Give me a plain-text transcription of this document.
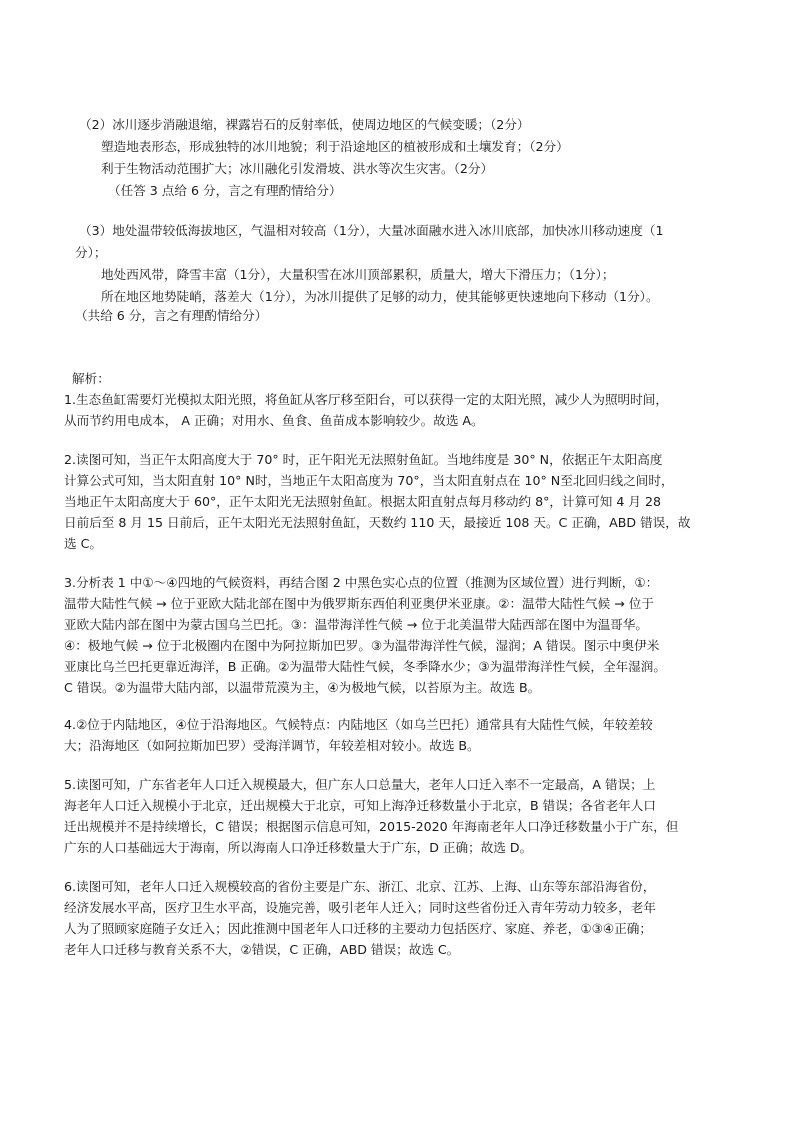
（2）冰川逐步消融退缩，裸露岩石的反射率低，使周边地区的气候变暖；（2分）
塑造地表形态，形成独特的冰川地貌；利于沿途地区的植被形成和土壤发育；（2分）
利于生物活动范围扩大；冰川融化引发滑坡、洪水等次生灾害。（2分）
（任答 3 点给 6 分，言之有理酌情给分）
（3）地处温带较低海拔地区，气温相对较高（1分），大量冰面融水进入冰川底部，加快冰川移动速度（1
分）；
地处西风带，降雪丰富（1分），大量积雪在冰川顶部累积，质量大，增大下滑压力；（1分）；
所在地区地势陡峭，落差大（1分），为冰川提供了足够的动力，使其能够更快速地向下移动（1分）。
（共给 6 分，言之有理酌情给分）
解析：
1.生态鱼缸需要灯光模拟太阳光照，将鱼缸从客厅移至阳台，可以获得一定的太阳光照，减少人为照明时间，
从而节约用电成本， A 正确；对用水、鱼食、鱼苗成本影响较少。故选 A。
2.读图可知，当正午太阳高度大于 70° 时，正午阳光无法照射鱼缸。当地纬度是 30° N，依据正午太阳高度
计算公式可知，当太阳直射 10° N时，当地正午太阳高度为 70°，当太阳直射点在 10° N至北回归线之间时，
当地正午太阳高度大于 60°，正午太阳光无法照射鱼缸。根据太阳直射点每月移动约 8°，计算可知 4 月 28
日前后至 8 月 15 日前后，正午太阳光无法照射鱼缸，天数约 110 天，最接近 108 天。C 正确，ABD 错误，故
选 C。
3.分析表 1 中①～④四地的气候资料，再结合图 2 中黑色实心点的位置（推测为区域位置）进行判断，①：
温带大陆性气候 → 位于亚欧大陆北部在图中为俄罗斯东西伯利亚奥伊米亚康。②：温带大陆性气候 → 位于
亚欧大陆内部在图中为蒙古国乌兰巴托。③：温带海洋性气候 → 位于北美温带大陆西部在图中为温哥华。
④：极地气候 → 位于北极圈内在图中为阿拉斯加巴罗。③为温带海洋性气候，湿润；A 错误。图示中奥伊米
亚康比乌兰巴托更靠近海洋，B 正确。②为温带大陆性气候，冬季降水少；③为温带海洋性气候，全年湿润。
C 错误。②为温带大陆内部，以温带荒漠为主，④为极地气候，以苔原为主。故选 B。
4.②位于内陆地区，④位于沿海地区。气候特点：内陆地区（如乌兰巴托）通常具有大陆性气候，年较差较
大；沿海地区（如阿拉斯加巴罗）受海洋调节，年较差相对较小。故选 B。
5.读图可知，广东省老年人口迁入规模最大，但广东人口总量大，老年人口迁入率不一定最高，A 错误；上
海老年人口迁入规模小于北京，迁出规模大于北京，可知上海净迁移数量小于北京，B 错误；各省老年人口
迁出规模并不是持续增长，C 错误；根据图示信息可知，2015-2020 年海南老年人口净迁移数量小于广东，但
广东的人口基础远大于海南，所以海南人口净迁移数量大于广东，D 正确；故选 D。
6.读图可知，老年人口迁入规模较高的省份主要是广东、浙江、北京、江苏、上海、山东等东部沿海省份，
经济发展水平高，医疗卫生水平高，设施完善，吸引老年人迁入；同时这些省份迁入青年劳动力较多，老年
人为了照顾家庭随子女迁入；因此推测中国老年人口迁移的主要动力包括医疗、家庭、养老，①③④正确；
老年人口迁移与教育关系不大，②错误，C 正确，ABD 错误；故选 C。
